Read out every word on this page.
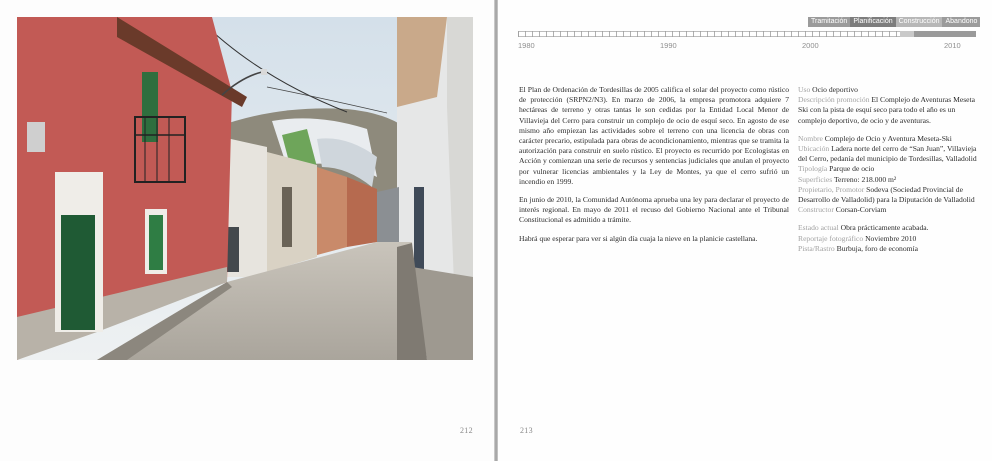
212
Tramitación Planificación Construcción Abandono
1980	1990	2000	2010

El Plan de Ordenación de Tordesillas de 2005 califica el solar del proyecto como rústico de protección (SRPN2/N3). En marzo de 2006, la empresa promotora adquiere 7 hectáreas de terreno y otras tantas le son cedidas por la Entidad Local Menor de Villavieja del Cerro para construir un complejo de ocio de esquí seco. En agosto de ese mismo año empiezan las actividades sobre el terreno con una licencia de obras con carácter precario, estipulada para obras de acondicionamiento, mientras que se tramita la autorización para construir en suelo rústico. El proyecto es recurrido por Ecologistas en Acción y comienzan una serie de recursos y sentencias judiciales que anulan el proyecto por vulnerar licencias ambientales y la Ley de Montes, ya que el cerro sufrió un incendio en 1999.

En junio de 2010, la Comunidad Autónoma aprueba una ley para declarar el proyecto de interés regional. En mayo de 2011 el recuso del Gobierno Nacional ante el Tribunal Constitucional es admitido a trámite.

Habrá que esperar para ver si algún día cuaja la nieve en la planicie castellana.

Uso Ocio deportivo
Descripción promoción El Complejo de Aventuras Meseta Ski con la pista de esquí seco para todo el año es un complejo deportivo, de ocio y de aventuras.
Nombre Complejo de Ocio y Aventura Meseta-Ski
Ubicación Ladera norte del cerro de “San Juan”, Villavieja del Cerro, pedanía del municipio de Tordesillas, Valladolid
Tipología Parque de ocio
Superficies Terreno: 218.000 m²
Propietario, Promotor Sodeva (Sociedad Provincial de Desarrollo de Valladolid) para la Diputación de Valladolid
Constructor Corsan-Corviam
Estado actual Obra prácticamente acabada.
Reportaje fotográfico Noviembre 2010
Pista/Rastro Burbuja, foro de economía
213
